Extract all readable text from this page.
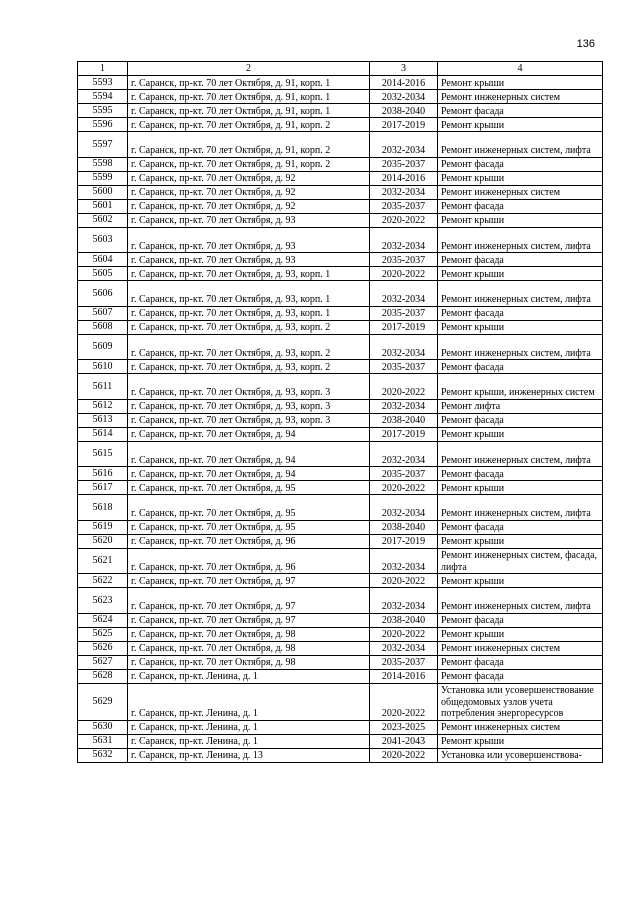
136
1	2	3	4
5593	г. Саранск, пр-кт. 70 лет Октября, д. 91, корп. 1	2014-2016	Ремонт крыши
5594	г. Саранск, пр-кт. 70 лет Октября, д. 91, корп. 1	2032-2034	Ремонт инженерных систем
5595	г. Саранск, пр-кт. 70 лет Октября, д. 91, корп. 1	2038-2040	Ремонт фасада
5596	г. Саранск, пр-кт. 70 лет Октября, д. 91, корп. 2	2017-2019	Ремонт крыши
5597	г. Саранск, пр-кт. 70 лет Октября, д. 91, корп. 2	2032-2034	Ремонт инженерных систем, лифта
5598	г. Саранск, пр-кт. 70 лет Октября, д. 91, корп. 2	2035-2037	Ремонт фасада
5599	г. Саранск, пр-кт. 70 лет Октября, д. 92	2014-2016	Ремонт крыши
5600	г. Саранск, пр-кт. 70 лет Октября, д. 92	2032-2034	Ремонт инженерных систем
5601	г. Саранск, пр-кт. 70 лет Октября, д. 92	2035-2037	Ремонт фасада
5602	г. Саранск, пр-кт. 70 лет Октября, д. 93	2020-2022	Ремонт крыши
5603	г. Саранск, пр-кт. 70 лет Октября, д. 93	2032-2034	Ремонт инженерных систем, лифта
5604	г. Саранск, пр-кт. 70 лет Октября, д. 93	2035-2037	Ремонт фасада
5605	г. Саранск, пр-кт. 70 лет Октября, д. 93, корп. 1	2020-2022	Ремонт крыши
5606	г. Саранск, пр-кт. 70 лет Октября, д. 93, корп. 1	2032-2034	Ремонт инженерных систем, лифта
5607	г. Саранск, пр-кт. 70 лет Октября, д. 93, корп. 1	2035-2037	Ремонт фасада
5608	г. Саранск, пр-кт. 70 лет Октября, д. 93, корп. 2	2017-2019	Ремонт крыши
5609	г. Саранск, пр-кт. 70 лет Октября, д. 93, корп. 2	2032-2034	Ремонт инженерных систем, лифта
5610	г. Саранск, пр-кт. 70 лет Октября, д. 93, корп. 2	2035-2037	Ремонт фасада
5611	г. Саранск, пр-кт. 70 лет Октября, д. 93, корп. 3	2020-2022	Ремонт крыши, инженерных систем
5612	г. Саранск, пр-кт. 70 лет Октября, д. 93, корп. 3	2032-2034	Ремонт лифта
5613	г. Саранск, пр-кт. 70 лет Октября, д. 93, корп. 3	2038-2040	Ремонт фасада
5614	г. Саранск, пр-кт. 70 лет Октября, д. 94	2017-2019	Ремонт крыши
5615	г. Саранск, пр-кт. 70 лет Октября, д. 94	2032-2034	Ремонт инженерных систем, лифта
5616	г. Саранск, пр-кт. 70 лет Октября, д. 94	2035-2037	Ремонт фасада
5617	г. Саранск, пр-кт. 70 лет Октября, д. 95	2020-2022	Ремонт крыши
5618	г. Саранск, пр-кт. 70 лет Октября, д. 95	2032-2034	Ремонт инженерных систем, лифта
5619	г. Саранск, пр-кт. 70 лет Октября, д. 95	2038-2040	Ремонт фасада
5620	г. Саранск, пр-кт. 70 лет Октября, д. 96	2017-2019	Ремонт крыши
5621	г. Саранск, пр-кт. 70 лет Октября, д. 96	2032-2034	Ремонт инженерных систем, фасада, лифта
5622	г. Саранск, пр-кт. 70 лет Октября, д. 97	2020-2022	Ремонт крыши
5623	г. Саранск, пр-кт. 70 лет Октября, д. 97	2032-2034	Ремонт инженерных систем, лифта
5624	г. Саранск, пр-кт. 70 лет Октября, д. 97	2038-2040	Ремонт фасада
5625	г. Саранск, пр-кт. 70 лет Октября, д. 98	2020-2022	Ремонт крыши
5626	г. Саранск, пр-кт. 70 лет Октября, д. 98	2032-2034	Ремонт инженерных систем
5627	г. Саранск, пр-кт. 70 лет Октября, д. 98	2035-2037	Ремонт фасада
5628	г. Саранск, пр-кт. Ленина, д. 1	2014-2016	Ремонт фасада
5629	г. Саранск, пр-кт. Ленина, д. 1	2020-2022	Установка или усовершенствование общедомовых узлов учета потребления энергоресурсов
5630	г. Саранск, пр-кт. Ленина, д. 1	2023-2025	Ремонт инженерных систем
5631	г. Саранск, пр-кт. Ленина, д. 1	2041-2043	Ремонт крыши
5632	г. Саранск, пр-кт. Ленина, д. 13	2020-2022	Установка или усовершенствова-
